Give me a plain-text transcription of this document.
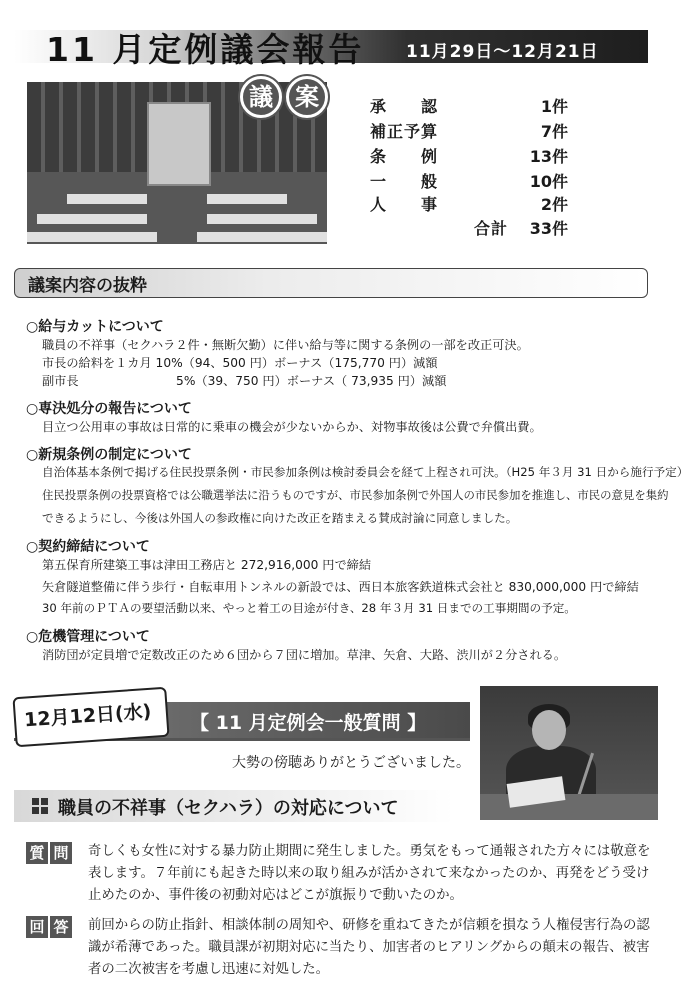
11 月定例議会報告 11月29日〜12月21日
議 案	承　　認	1件
補正予算	7件
条　　例	13件
一　　般	10件
人　　事	2件
合計	33件
議案内容の抜粋
○給与カットについて
職員の不祥事（セクハラ２件・無断欠勤）に伴い給与等に関する条例の一部を改正可決。
市長の給料を１カ月 10%（94、500 円）ボーナス（175,770 円）減額
副市長　　　　　　　　5%（39、750 円）ボーナス（ 73,935 円）減額
○専決処分の報告について
目立つ公用車の事故は日常的に乗車の機会が少ないからか、対物事故後は公費で弁償出費。
○新規条例の制定について
自治体基本条例で掲げる住民投票条例・市民参加条例は検討委員会を経て上程され可決。（H25 年３月 31 日から施行予定）
住民投票条例の投票資格では公職選挙法に沿うものですが、市民参加条例で外国人の市民参加を推進し、市民の意見を集約
できるようにし、今後は外国人の参政権に向けた改正を踏まえる賛成討論に同意しました。
○契約締結について
第五保育所建築工事は津田工務店と 272,916,000 円で締結
矢倉隧道整備に伴う歩行・自転車用トンネルの新設では、西日本旅客鉄道株式会社と 830,000,000 円で締結
30 年前のＰＴＡの要望活動以来、やっと着工の目途が付き、28 年３月 31 日までの工事期間の予定。
○危機管理について
消防団が定員増で定数改正のため６団から７団に増加。草津、矢倉、大路、渋川が２分される。
12月12日(水) 【 11 月定例会一般質問 】
大勢の傍聴ありがとうございました。
職員の不祥事（セクハラ）の対応について
質 問	奇しくも女性に対する暴力防止期間に発生しました。勇気をもって通報された方々には敬意を
表します。７年前にも起きた時以来の取り組みが活かされて来なかったのか、再発をどう受け
止めたのか、事件後の初動対応はどこが旗振りで動いたのか。
回 答	前回からの防止指針、相談体制の周知や、研修を重ねてきたが信頼を損なう人権侵害行為の認
識が希薄であった。職員課が初期対応に当たり、加害者のヒアリングからの顛末の報告、被害
者の二次被害を考慮し迅速に対処した。
